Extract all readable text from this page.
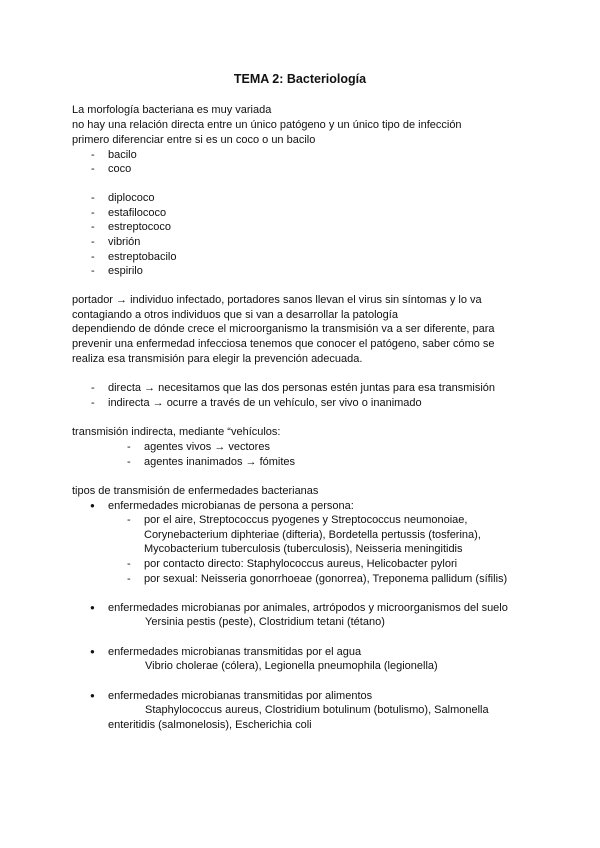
TEMA 2: Bacteriología
La morfología bacteriana es muy variada
no hay una relación directa entre un único patógeno y un único tipo de infección
primero diferenciar entre si es un coco o un bacilo
- bacilo
- coco
- diplococo
- estafilococo
- estreptococo
- vibrión
- estreptobacilo
- espirilo
portador → individuo infectado, portadores sanos llevan el virus sin síntomas y lo va
contagiando a otros individuos que si van a desarrollar la patología
dependiendo de dónde crece el microorganismo la transmisión va a ser diferente, para
prevenir una enfermedad infecciosa tenemos que conocer el patógeno, saber cómo se
realiza esa transmisión para elegir la prevención adecuada.
- directa → necesitamos que las dos personas estén juntas para esa transmisión
- indirecta → ocurre a través de un vehículo, ser vivo o inanimado
transmisión indirecta, mediante “vehículos:
- agentes vivos → vectores
- agentes inanimados → fómites
tipos de transmisión de enfermedades bacterianas
● enfermedades microbianas de persona a persona:
- por el aire, Streptococcus pyogenes y Streptococcus neumonoiae,
Corynebacterium diphteriae (difteria), Bordetella pertussis (tosferina),
Mycobacterium tuberculosis (tuberculosis), Neisseria meningitidis
- por contacto directo: Staphylococcus aureus, Helicobacter pylori
- por sexual: Neisseria gonorrhoeae (gonorrea), Treponema pallidum (sífilis)
● enfermedades microbianas por animales, artrópodos y microorganismos del suelo
Yersinia pestis (peste), Clostridium tetani (tétano)
● enfermedades microbianas transmitidas por el agua
Vibrio cholerae (cólera), Legionella pneumophila (legionella)
● enfermedades microbianas transmitidas por alimentos
Staphylococcus aureus, Clostridium botulinum (botulismo), Salmonella
enteritidis (salmonelosis), Escherichia coli
